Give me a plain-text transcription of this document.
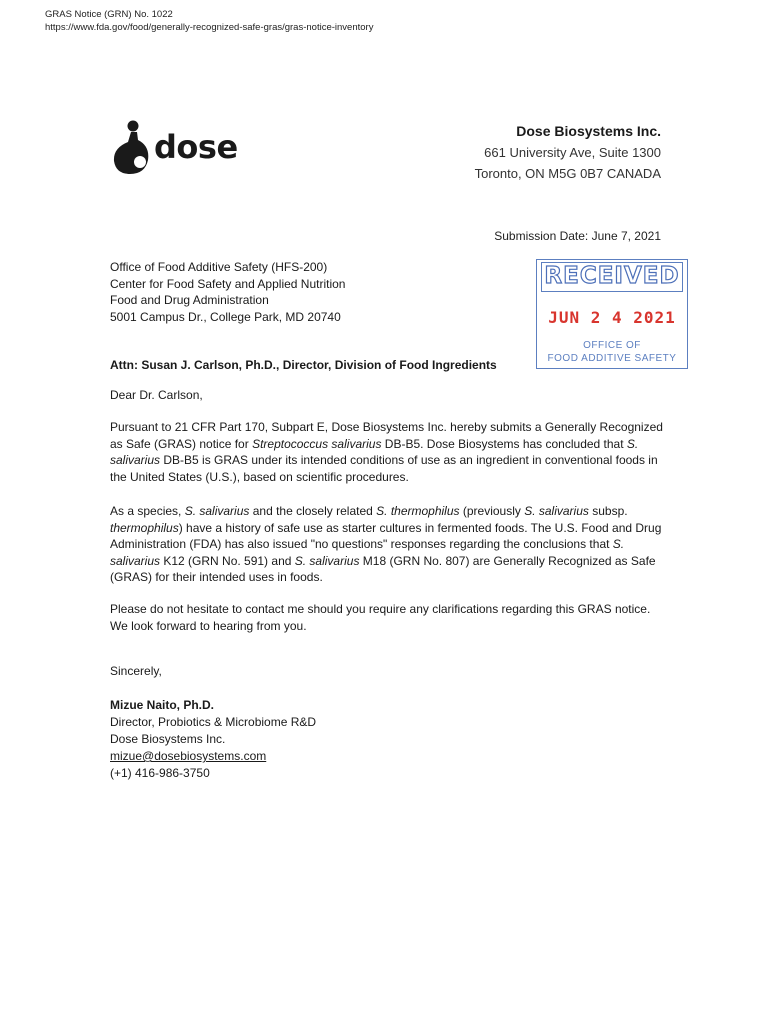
GRAS Notice (GRN) No. 1022
https://www.fda.gov/food/generally-recognized-safe-gras/gras-notice-inventory
dose	Dose Biosystems Inc.
661 University Ave, Suite 1300
Toronto, ON M5G 0B7 CANADA
Submission Date: June 7, 2021
Office of Food Additive Safety (HFS-200)
Center for Food Safety and Applied Nutrition
Food and Drug Administration
5001 Campus Dr., College Park, MD 20740
RECEIVED
JUN 2 4 2021
OFFICE OF
FOOD ADDITIVE SAFETY
Attn: Susan J. Carlson, Ph.D., Director, Division of Food Ingredients
Dear Dr. Carlson,
Pursuant to 21 CFR Part 170, Subpart E, Dose Biosystems Inc. hereby submits a Generally Recognized as Safe (GRAS) notice for Streptococcus salivarius DB-B5. Dose Biosystems has concluded that S. salivarius DB-B5 is GRAS under its intended conditions of use as an ingredient in conventional foods in the United States (U.S.), based on scientific procedures.
As a species, S. salivarius and the closely related S. thermophilus (previously S. salivarius subsp. thermophilus) have a history of safe use as starter cultures in fermented foods. The U.S. Food and Drug Administration (FDA) has also issued "no questions" responses regarding the conclusions that S. salivarius K12 (GRN No. 591) and S. salivarius M18 (GRN No. 807) are Generally Recognized as Safe (GRAS) for their intended uses in foods.
Please do not hesitate to contact me should you require any clarifications regarding this GRAS notice. We look forward to hearing from you.
Sincerely,
Mizue Naito, Ph.D.
Director, Probiotics & Microbiome R&D
Dose Biosystems Inc.
mizue@dosebiosystems.com
(+1) 416-986-3750
